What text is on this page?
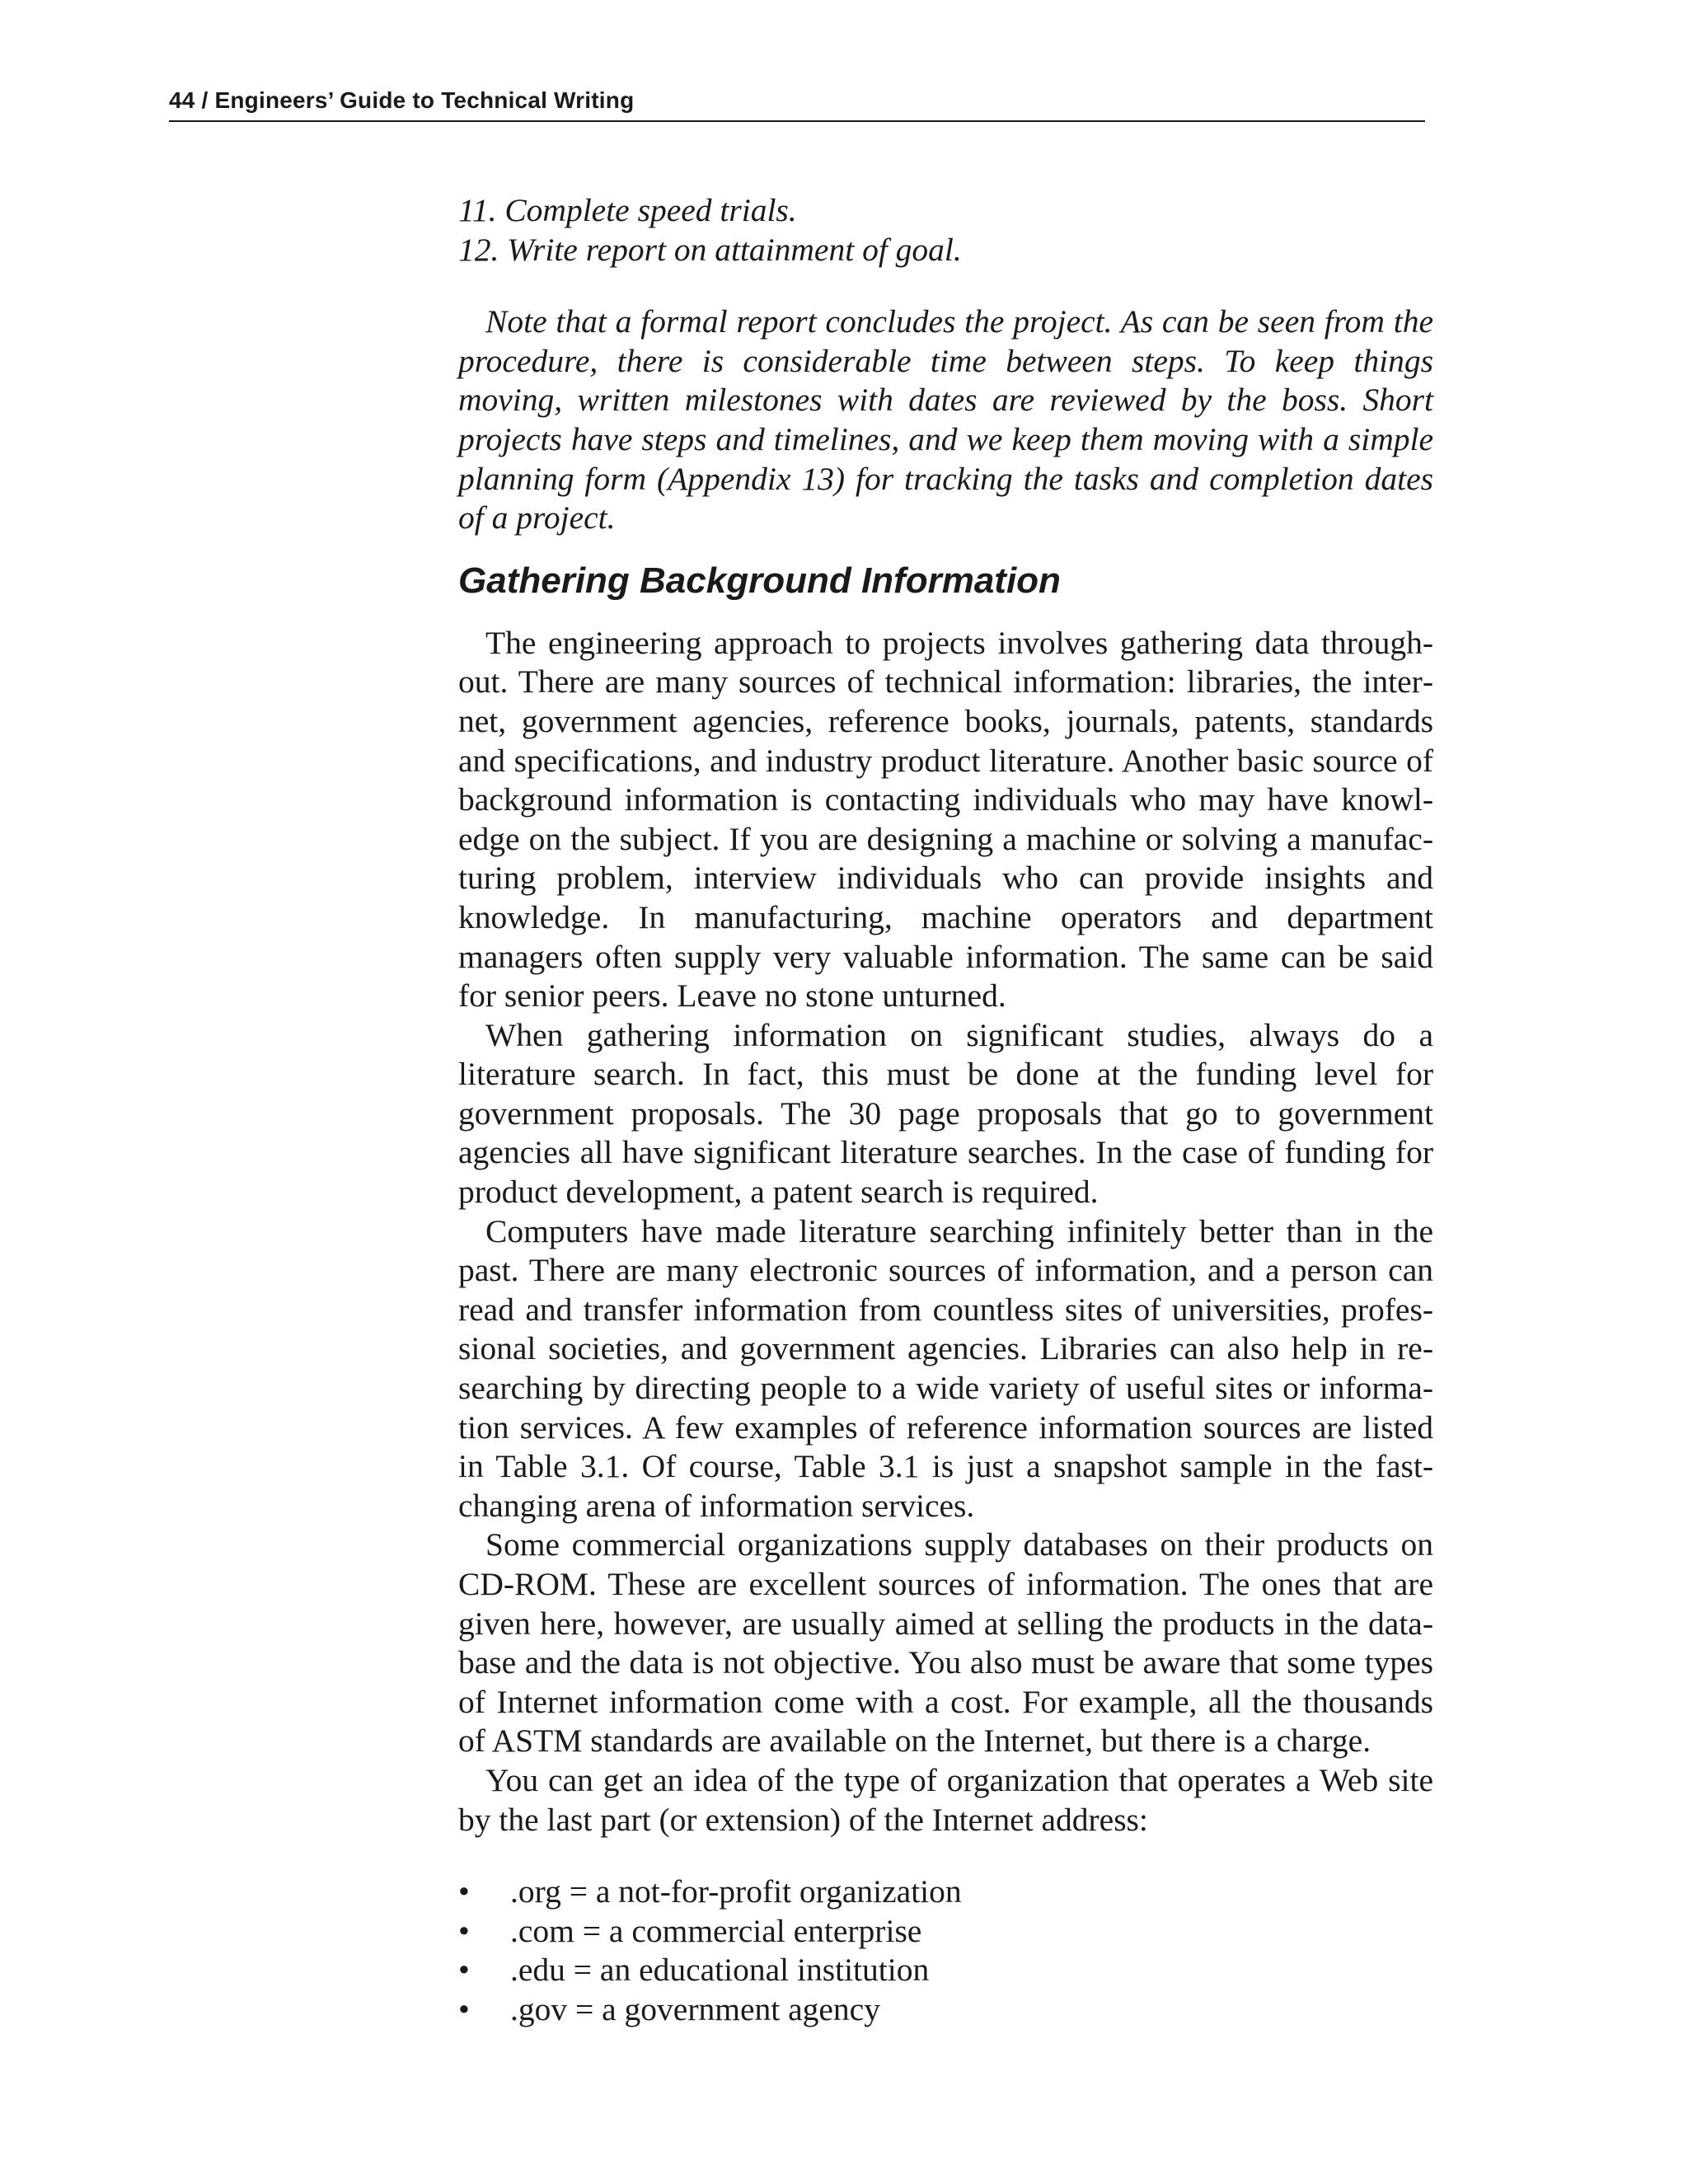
44 / Engineers’ Guide to Technical Writing
11. Complete speed trials.
12. Write report on attainment of goal.

Note that a formal report concludes the project. As can be seen from the procedure, there is considerable time between steps. To keep things moving, written milestones with dates are reviewed by the boss. Short projects have steps and timelines, and we keep them moving with a simple planning form (Appendix 13) for tracking the tasks and completion dates of a project.

Gathering Background Information

The engineering approach to projects involves gathering data throughout. There are many sources of technical information: libraries, the internet, government agencies, reference books, journals, patents, standards and specifications, and industry product literature. Another basic source of background information is contacting individuals who may have knowledge on the subject. If you are designing a machine or solving a manufacturing problem, interview individuals who can provide insights and knowledge. In manufacturing, machine operators and department managers often supply very valuable information. The same can be said for senior peers. Leave no stone unturned.

When gathering information on significant studies, always do a literature search. In fact, this must be done at the funding level for government proposals. The 30 page proposals that go to government agencies all have significant literature searches. In the case of funding for product development, a patent search is required.

Computers have made literature searching infinitely better than in the past. There are many electronic sources of information, and a person can read and transfer information from countless sites of universities, professional societies, and government agencies. Libraries can also help in researching by directing people to a wide variety of useful sites or information services. A few examples of reference information sources are listed in Table 3.1. Of course, Table 3.1 is just a snapshot sample in the fast-changing arena of information services.

Some commercial organizations supply databases on their products on CD-ROM. These are excellent sources of information. The ones that are given here, however, are usually aimed at selling the products in the database and the data is not objective. You also must be aware that some types of Internet information come with a cost. For example, all the thousands of ASTM standards are available on the Internet, but there is a charge.

You can get an idea of the type of organization that operates a Web site by the last part (or extension) of the Internet address:

•	.org = a not-for-profit organization
•	.com = a commercial enterprise
•	.edu = an educational institution
•	.gov = a government agency
